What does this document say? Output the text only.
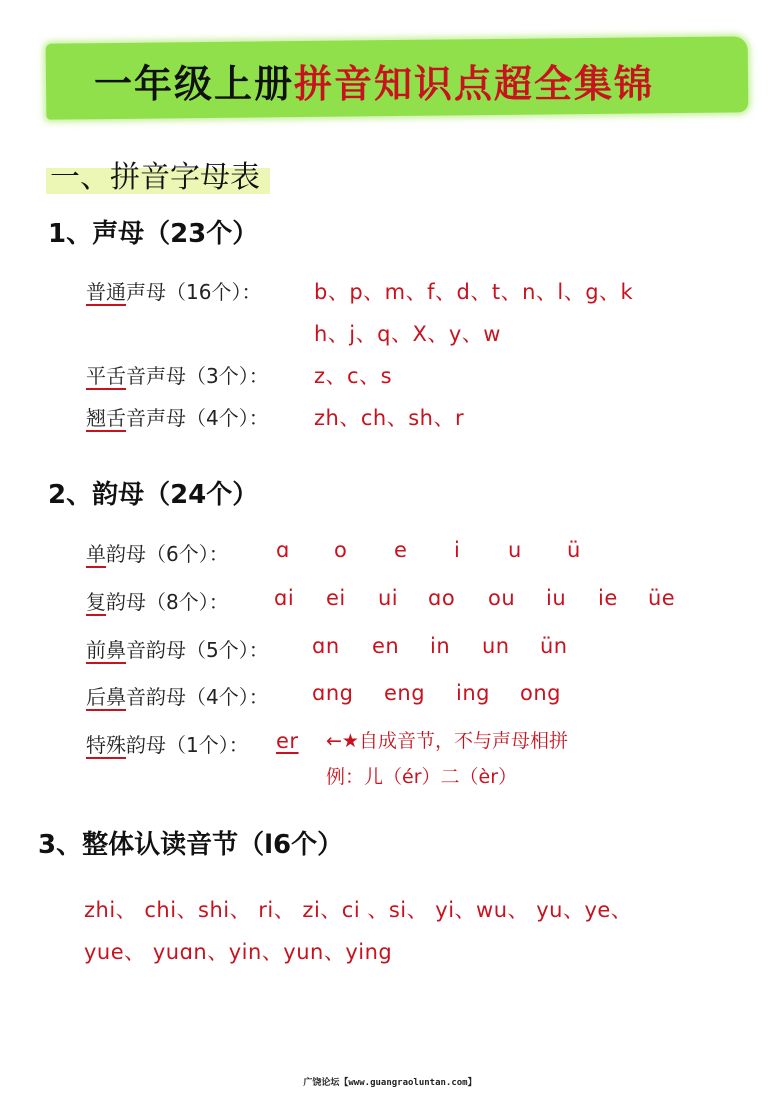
一年级上册拼音知识点超全集锦
一、拼音字母表
1、声母（23个）
普通声母（16个）：	b、p、m、f、d、t、n、l、g、k
h、j、q、X、y、w
平舌音声母（3个）： z、c、s
翘舌音声母（4个）： zh、ch、sh、r
2、韵母（24个）
单韵母（6个）： ɑ o e i u ü
复韵母（8个）： ɑi ei ui ɑo ou iu ie üe
前鼻音韵母（5个）： ɑn en in un ün
后鼻音韵母（4个）： ɑng eng ing ong
特殊韵母（1个）： er ←★自成音节，不与声母相拼
例：儿（ér）二（èr）
3、整体认读音节（l6个）
zhi、 chi、shi、 ri、 zi、ci 、si、 yi、wu、 yu、ye、
yue、 yuɑn、yin、yun、ying
广饶论坛【www.guangraoluntan.com】
